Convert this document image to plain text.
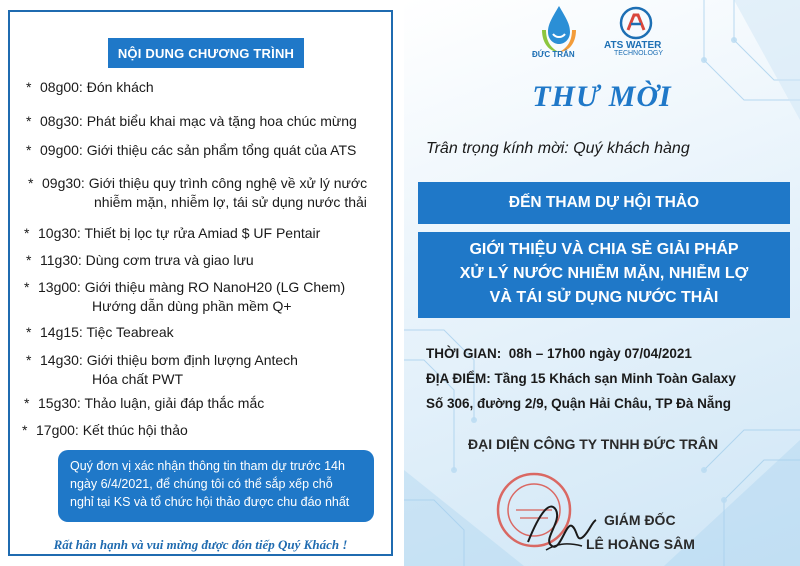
NỘI DUNG CHƯƠNG TRÌNH
* 08g00: Đón khách
* 08g30: Phát biểu khai mạc và tặng hoa chúc mừng
* 09g00: Giới thiệu các sản phẩm tổng quát của ATS
* 09g30: Giới thiệu quy trình công nghệ về xử lý nước
nhiễm mặn, nhiễm lợ, tái sử dụng nước thải
* 10g30: Thiết bị lọc tự rửa Amiad $ UF Pentair
* 11g30: Dùng cơm trưa và giao lưu
* 13g00: Giới thiệu màng RO NanoH20 (LG Chem)
Hướng dẫn dùng phần mềm Q+
* 14g15: Tiệc Teabreak
* 14g30: Giới thiệu bơm định lượng Antech
Hóa chất PWT
* 15g30: Thảo luận, giải đáp thắc mắc
* 17g00: Kết thúc hội thảo
Quý đơn vị xác nhận thông tin tham dự trước 14h
ngày 6/4/2021, để chúng tôi có thể sắp xếp chỗ
nghỉ tại KS và tổ chức hội thảo được chu đáo nhất
Rất hân hạnh và vui mừng được đón tiếp Quý Khách !
ĐỨC TRÂN
ATS WATER
TECHNOLOGY
THƯ MỜI
Trân trọng kính mời: Quý khách hàng
ĐẾN THAM DỰ HỘI THẢO
GIỚI THIỆU VÀ CHIA SẺ GIẢI PHÁP
XỬ LÝ NƯỚC NHIỄM MẶN, NHIỄM LỢ
VÀ TÁI SỬ DỤNG NƯỚC THẢI
THỜI GIAN: 08h – 17h00 ngày 07/04/2021
ĐỊA ĐIỂM: Tầng 15 Khách sạn Minh Toàn Galaxy
Số 306, đường 2/9, Quận Hải Châu, TP Đà Nẵng
ĐẠI DIỆN CÔNG TY TNHH ĐỨC TRÂN
GIÁM ĐỐC
LÊ HOÀNG SÂM
